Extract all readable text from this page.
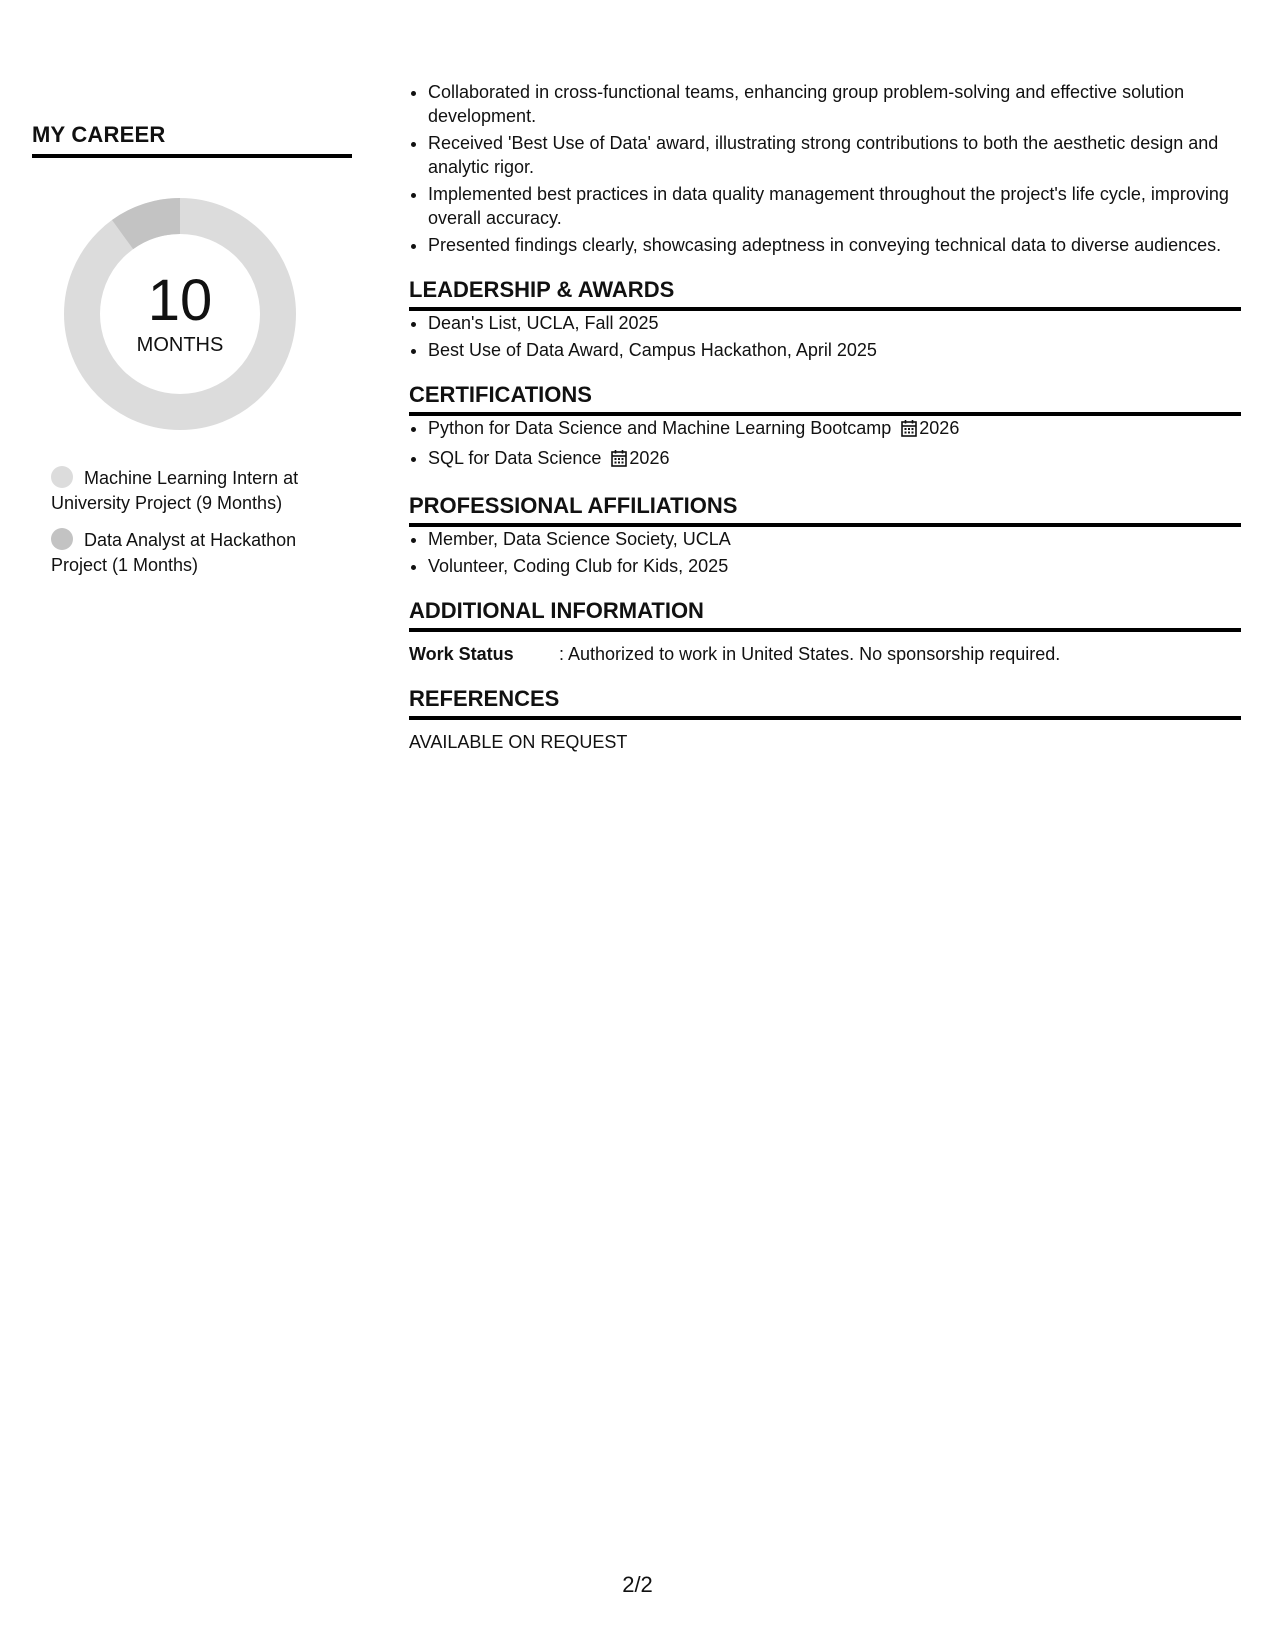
MY CAREER
10
MONTHS
Machine Learning Intern at University Project (9 Months)
Data Analyst at Hackathon Project (1 Months)
• Collaborated in cross-functional teams, enhancing group problem-solving and effective solution development.
• Received 'Best Use of Data' award, illustrating strong contributions to both the aesthetic design and analytic rigor.
• Implemented best practices in data quality management throughout the project's life cycle, improving overall accuracy.
• Presented findings clearly, showcasing adeptness in conveying technical data to diverse audiences.
LEADERSHIP & AWARDS
• Dean's List, UCLA, Fall 2025
• Best Use of Data Award, Campus Hackathon, April 2025
CERTIFICATIONS
• Python for Data Science and Machine Learning Bootcamp 2026
• SQL for Data Science 2026
PROFESSIONAL AFFILIATIONS
• Member, Data Science Society, UCLA
• Volunteer, Coding Club for Kids, 2025
ADDITIONAL INFORMATION
Work Status	: Authorized to work in United States. No sponsorship required.
REFERENCES
AVAILABLE ON REQUEST
2/2
